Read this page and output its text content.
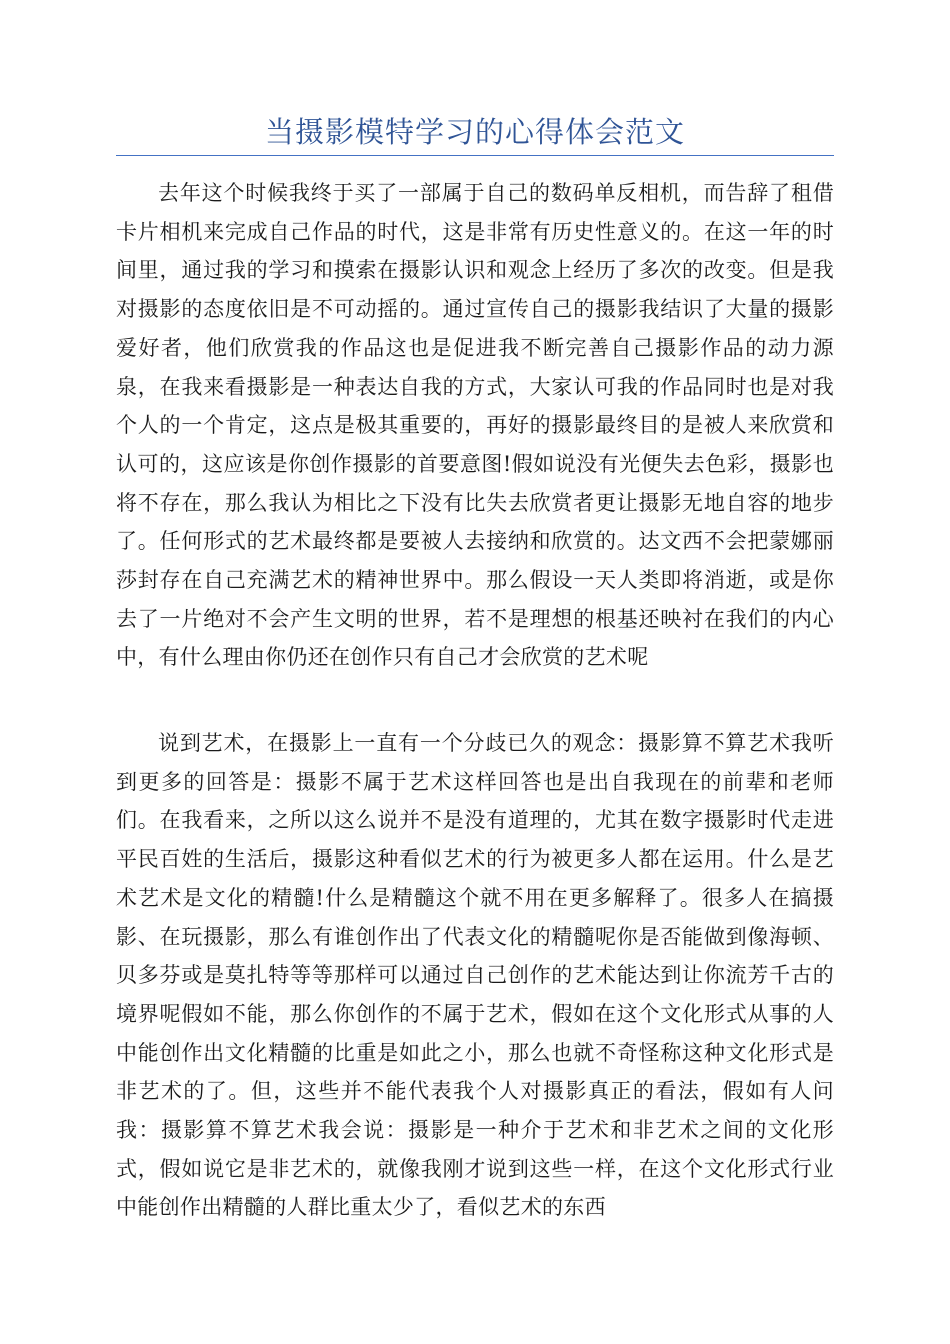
当摄影模特学习的心得体会范文

去年这个时候我终于买了一部属于自己的数码单反相机，而告辞了租借卡片相机来完成自己作品的时代，这是非常有历史性意义的。在这一年的时间里，通过我的学习和摸索在摄影认识和观念上经历了多次的改变。但是我对摄影的态度依旧是不可动摇的。通过宣传自己的摄影我结识了大量的摄影爱好者，他们欣赏我的作品这也是促进我不断完善自己摄影作品的动力源泉，在我来看摄影是一种表达自我的方式，大家认可我的作品同时也是对我个人的一个肯定，这点是极其重要的，再好的摄影最终目的是被人来欣赏和认可的，这应该是你创作摄影的首要意图!假如说没有光便失去色彩，摄影也将不存在，那么我认为相比之下没有比失去欣赏者更让摄影无地自容的地步了。任何形式的艺术最终都是要被人去接纳和欣赏的。达文西不会把蒙娜丽莎封存在自己充满艺术的精神世界中。那么假设一天人类即将消逝，或是你去了一片绝对不会产生文明的世界，若不是理想的根基还映衬在我们的内心中，有什么理由你仍还在创作只有自己才会欣赏的艺术呢

说到艺术，在摄影上一直有一个分歧已久的观念：摄影算不算艺术我听到更多的回答是：摄影不属于艺术这样回答也是出自我现在的前辈和老师们。在我看来，之所以这么说并不是没有道理的，尤其在数字摄影时代走进平民百姓的生活后，摄影这种看似艺术的行为被更多人都在运用。什么是艺术艺术是文化的精髓!什么是精髓这个就不用在更多解释了。很多人在搞摄影、在玩摄影，那么有谁创作出了代表文化的精髓呢你是否能做到像海顿、贝多芬或是莫扎特等等那样可以通过自己创作的艺术能达到让你流芳千古的境界呢假如不能，那么你创作的不属于艺术，假如在这个文化形式从事的人中能创作出文化精髓的比重是如此之小，那么也就不奇怪称这种文化形式是非艺术的了。但，这些并不能代表我个人对摄影真正的看法，假如有人问我：摄影算不算艺术我会说：摄影是一种介于艺术和非艺术之间的文化形式，假如说它是非艺术的，就像我刚才说到这些一样，在这个文化形式行业中能创作出精髓的人群比重太少了，看似艺术的东西
